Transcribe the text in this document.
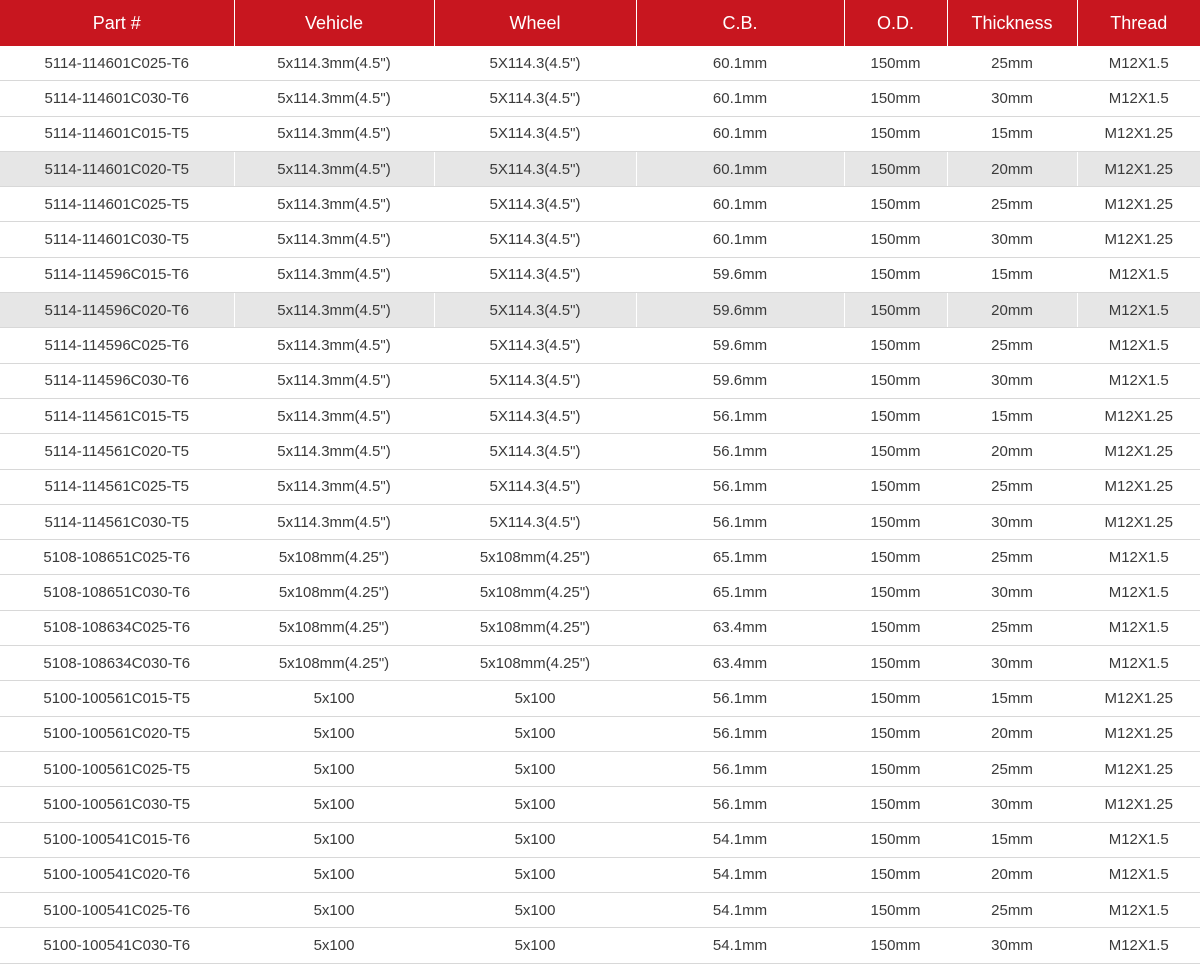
Part #	Vehicle	Wheel	C.B.	O.D.	Thickness	Thread
5114-114601C025-T6	5x114.3mm(4.5")	5X114.3(4.5")	60.1mm	150mm	25mm	M12X1.5
5114-114601C030-T6	5x114.3mm(4.5")	5X114.3(4.5")	60.1mm	150mm	30mm	M12X1.5
5114-114601C015-T5	5x114.3mm(4.5")	5X114.3(4.5")	60.1mm	150mm	15mm	M12X1.25
5114-114601C020-T5	5x114.3mm(4.5")	5X114.3(4.5")	60.1mm	150mm	20mm	M12X1.25
5114-114601C025-T5	5x114.3mm(4.5")	5X114.3(4.5")	60.1mm	150mm	25mm	M12X1.25
5114-114601C030-T5	5x114.3mm(4.5")	5X114.3(4.5")	60.1mm	150mm	30mm	M12X1.25
5114-114596C015-T6	5x114.3mm(4.5")	5X114.3(4.5")	59.6mm	150mm	15mm	M12X1.5
5114-114596C020-T6	5x114.3mm(4.5")	5X114.3(4.5")	59.6mm	150mm	20mm	M12X1.5
5114-114596C025-T6	5x114.3mm(4.5")	5X114.3(4.5")	59.6mm	150mm	25mm	M12X1.5
5114-114596C030-T6	5x114.3mm(4.5")	5X114.3(4.5")	59.6mm	150mm	30mm	M12X1.5
5114-114561C015-T5	5x114.3mm(4.5")	5X114.3(4.5")	56.1mm	150mm	15mm	M12X1.25
5114-114561C020-T5	5x114.3mm(4.5")	5X114.3(4.5")	56.1mm	150mm	20mm	M12X1.25
5114-114561C025-T5	5x114.3mm(4.5")	5X114.3(4.5")	56.1mm	150mm	25mm	M12X1.25
5114-114561C030-T5	5x114.3mm(4.5")	5X114.3(4.5")	56.1mm	150mm	30mm	M12X1.25
5108-108651C025-T6	5x108mm(4.25")	5x108mm(4.25")	65.1mm	150mm	25mm	M12X1.5
5108-108651C030-T6	5x108mm(4.25")	5x108mm(4.25")	65.1mm	150mm	30mm	M12X1.5
5108-108634C025-T6	5x108mm(4.25")	5x108mm(4.25")	63.4mm	150mm	25mm	M12X1.5
5108-108634C030-T6	5x108mm(4.25")	5x108mm(4.25")	63.4mm	150mm	30mm	M12X1.5
5100-100561C015-T5	5x100	5x100	56.1mm	150mm	15mm	M12X1.25
5100-100561C020-T5	5x100	5x100	56.1mm	150mm	20mm	M12X1.25
5100-100561C025-T5	5x100	5x100	56.1mm	150mm	25mm	M12X1.25
5100-100561C030-T5	5x100	5x100	56.1mm	150mm	30mm	M12X1.25
5100-100541C015-T6	5x100	5x100	54.1mm	150mm	15mm	M12X1.5
5100-100541C020-T6	5x100	5x100	54.1mm	150mm	20mm	M12X1.5
5100-100541C025-T6	5x100	5x100	54.1mm	150mm	25mm	M12X1.5
5100-100541C030-T6	5x100	5x100	54.1mm	150mm	30mm	M12X1.5
